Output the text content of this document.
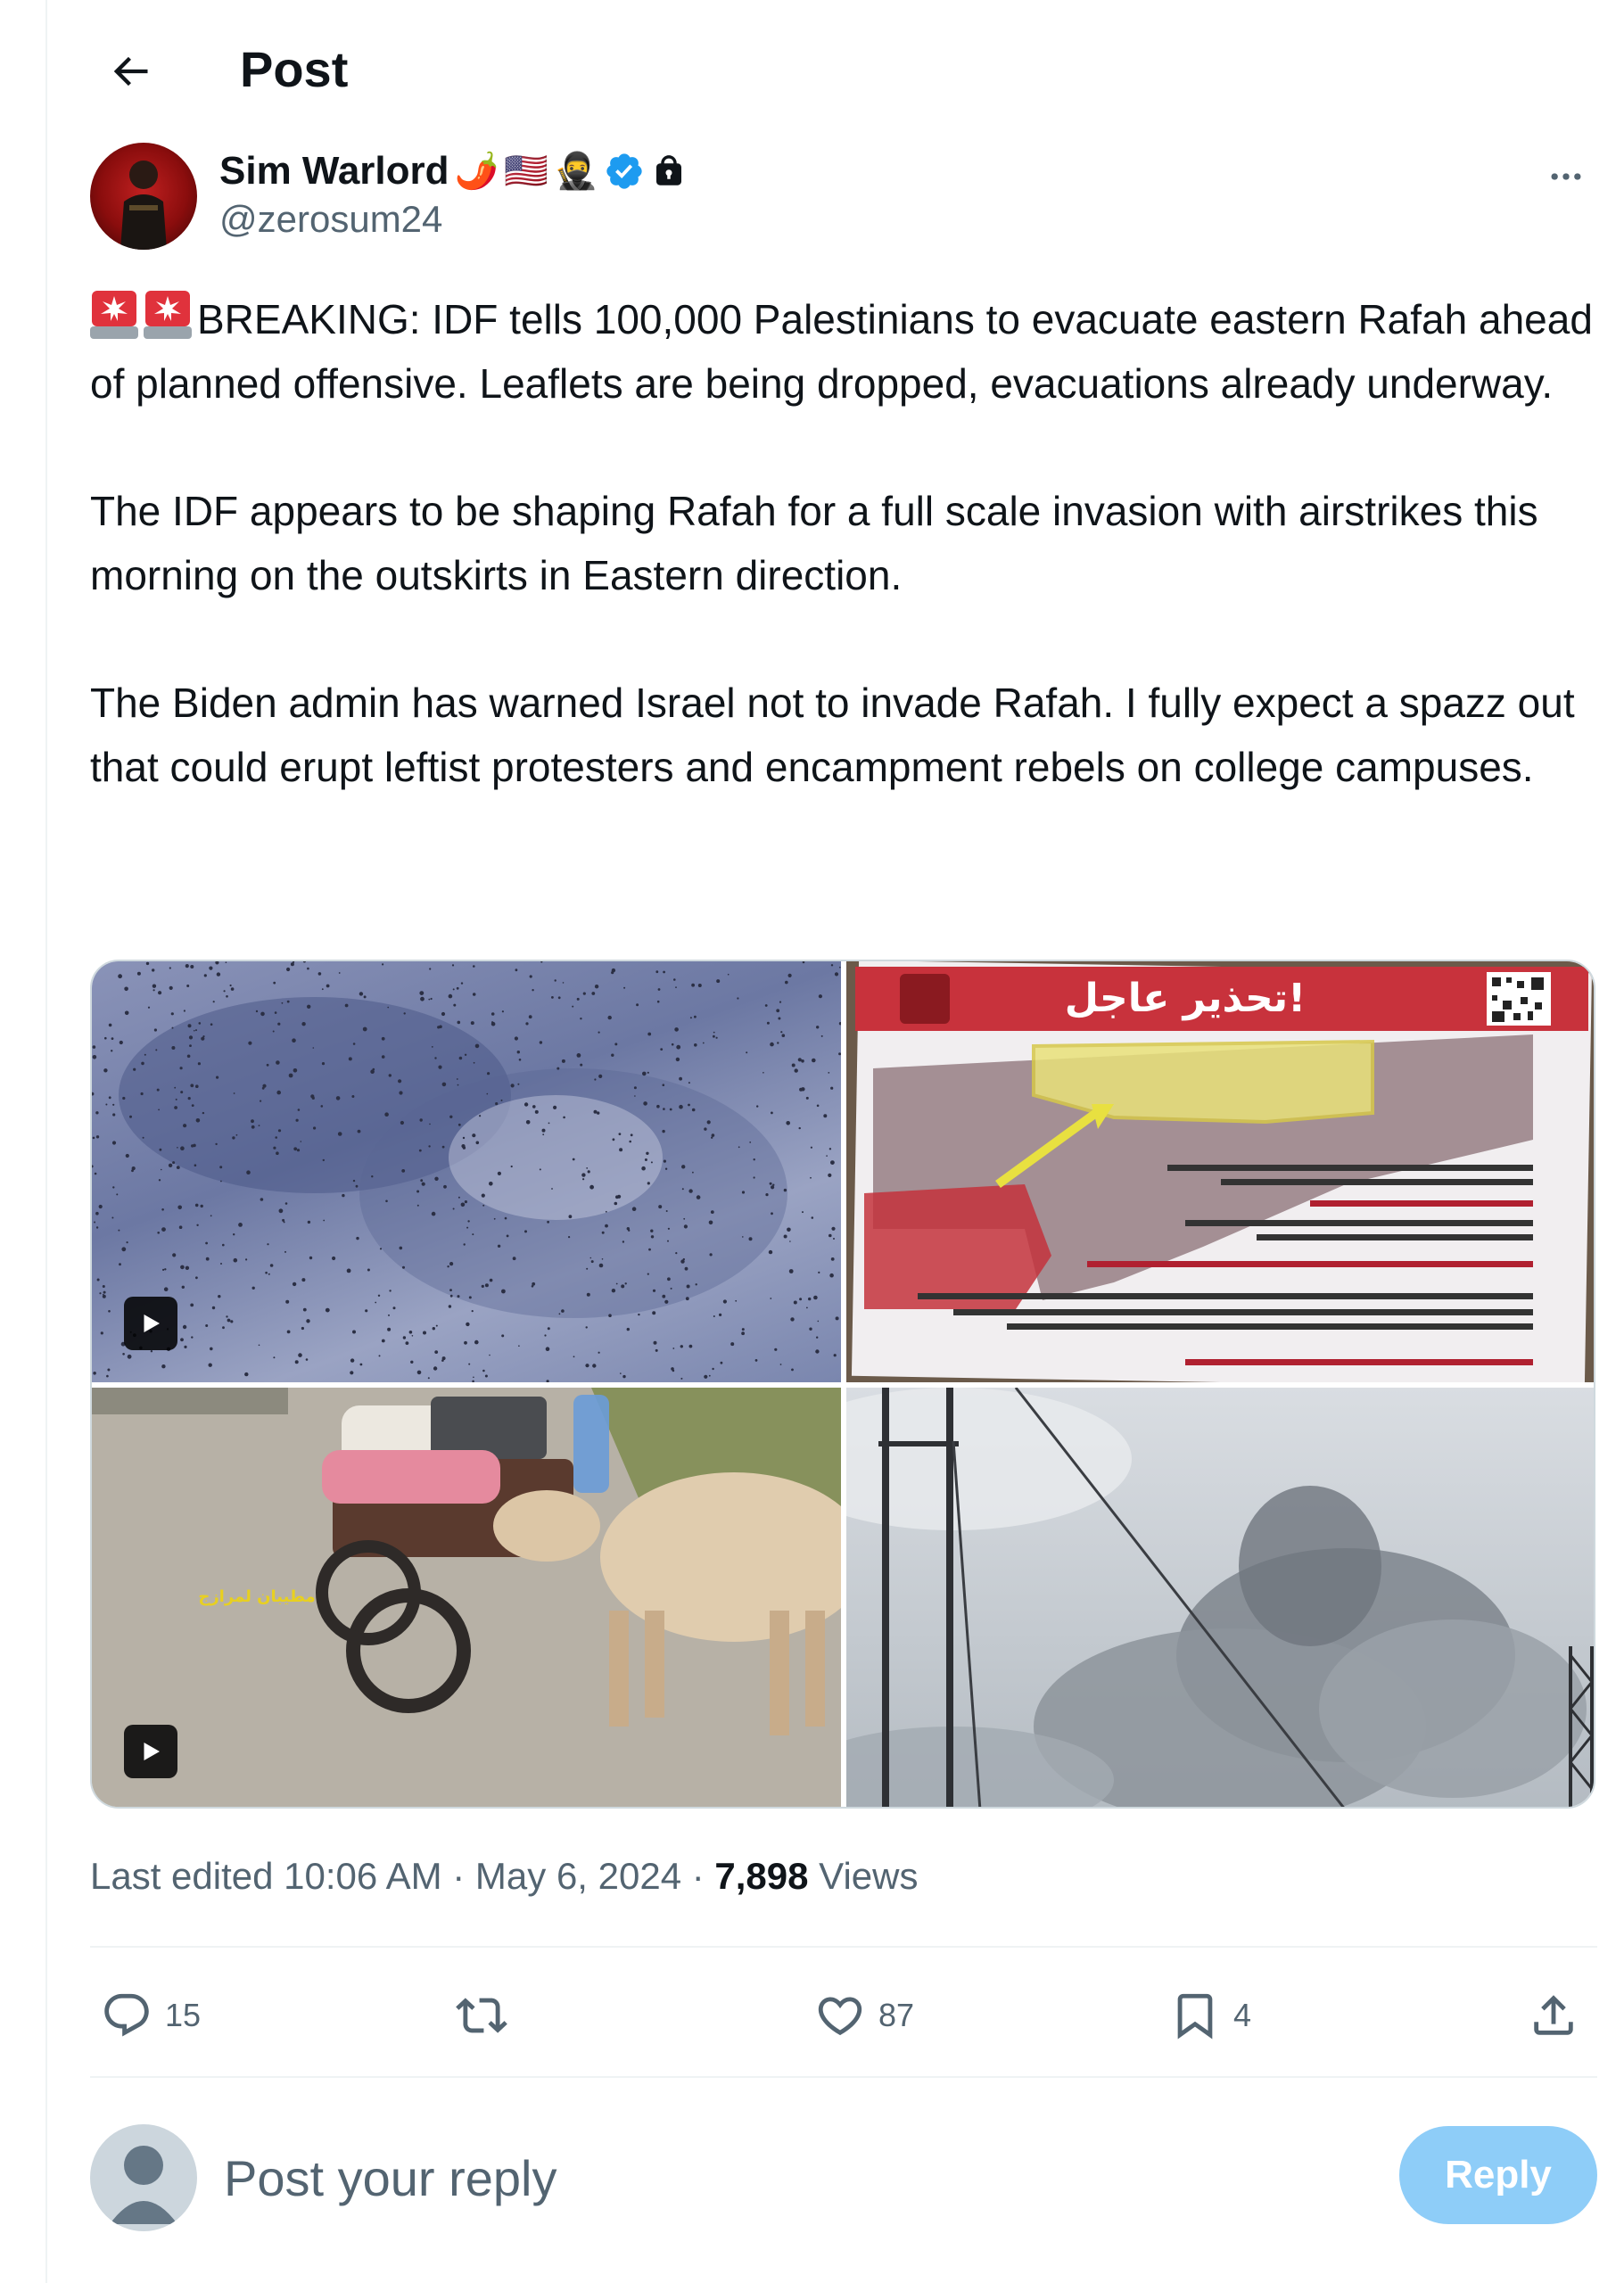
Post
Sim Warlord 🌶️ 🇺🇸 🥷
@zerosum24

BREAKING: IDF tells 100,000 Palestinians to evacuate eastern Rafah ahead of planned offensive. Leaflets are being dropped, evacuations already underway.

The IDF appears to be shaping Rafah for a full scale invasion with airstrikes this morning on the outskirts in Eastern direction.

The Biden admin has warned Israel not to invade Rafah. I fully expect a spazz out that could erupt leftist protesters and encampment rebels on college campuses.

تحذير عاجل!
مطيبان لمرازج
Last edited 10:06 AM · May 6, 2024 · 7,898 Views
15	87	4
Post your reply
Reply
